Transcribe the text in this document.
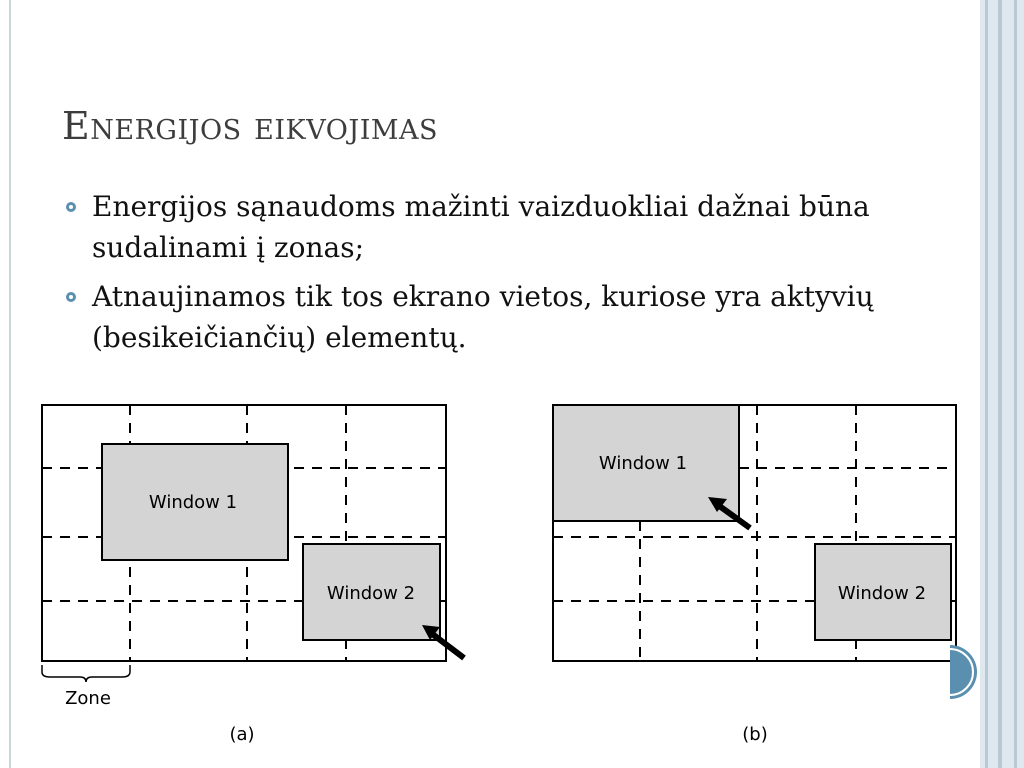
Energijos eikvojimas
Energijos sąnaudoms mažinti vaizduokliai dažnai būna sudalinami į zonas;
Atnaujinamos tik tos ekrano vietos, kuriose yra aktyvių (besikeičiančių) elementų.
Window 1
Window 2
Zone
(a)
Window 1
Window 2
(b)
